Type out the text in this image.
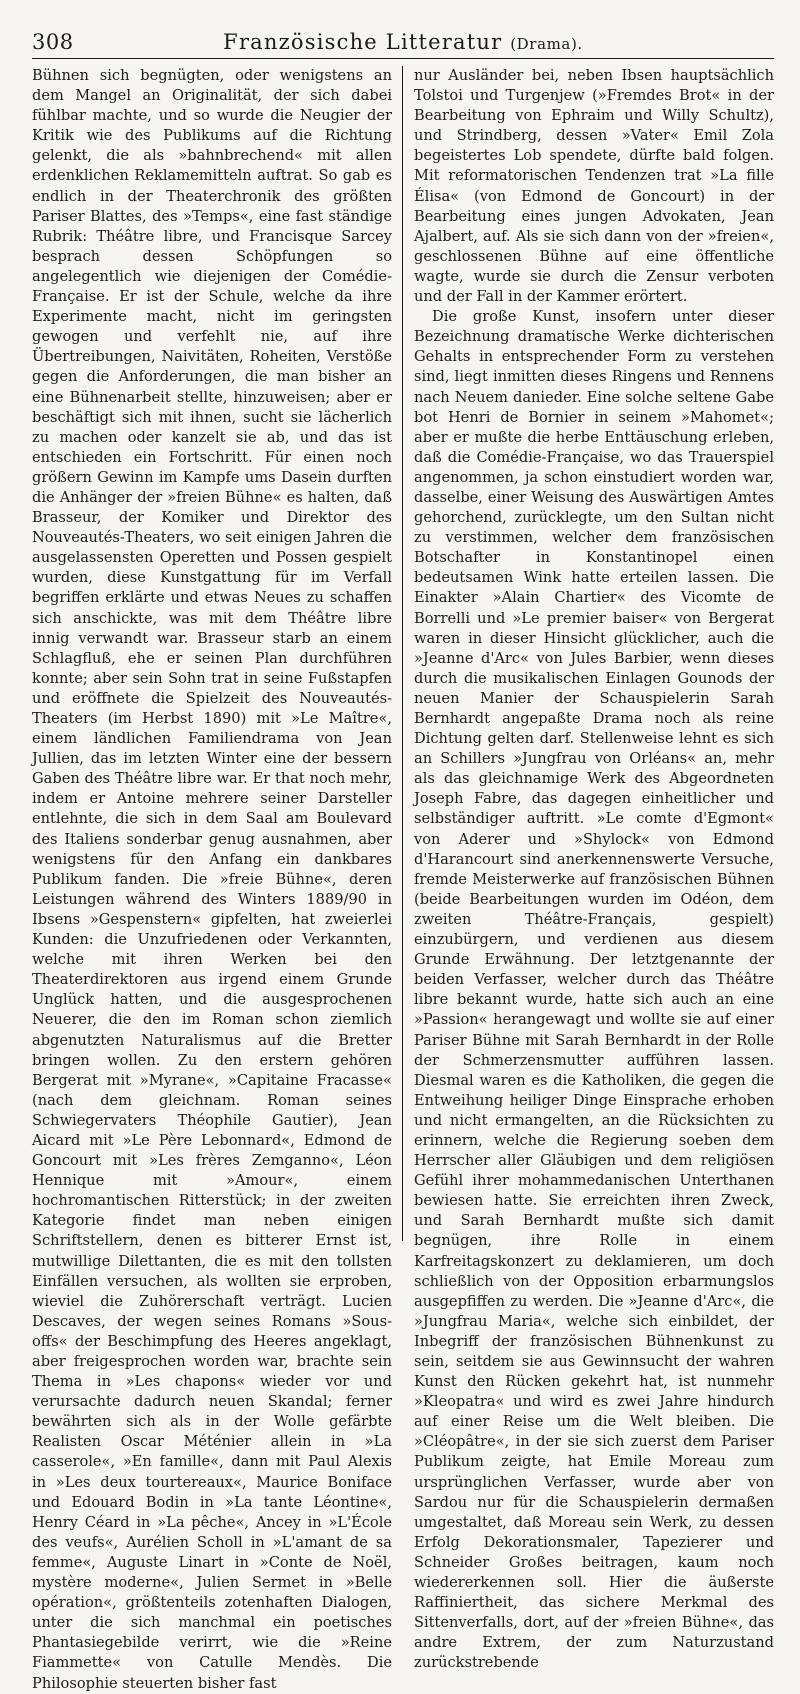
308	Französische Litteratur (Drama).

Bühnen sich begnügten, oder wenigstens an dem Mangel an Originalität, der sich dabei fühlbar machte, und so wurde die Neugier der Kritik wie des Publikums auf die Richtung gelenkt, die als »bahnbrechend« mit allen erdenklichen Reklamemitteln auftrat. So gab es endlich in der Theaterchronik des größten Pariser Blattes, des »Temps«, eine fast ständige Rubrik: Théâtre libre, und Francisque Sarcey besprach dessen Schöpfungen so angelegentlich wie diejenigen der Comédie-Française. Er ist der Schule, welche da ihre Experimente macht, nicht im geringsten gewogen und verfehlt nie, auf ihre Übertreibungen, Naivitäten, Roheiten, Verstöße gegen die Anforderungen, die man bisher an eine Bühnenarbeit stellte, hinzuweisen; aber er beschäftigt sich mit ihnen, sucht sie lächerlich zu machen oder kanzelt sie ab, und das ist entschieden ein Fortschritt. Für einen noch größern Gewinn im Kampfe ums Dasein durften die Anhänger der »freien Bühne« es halten, daß Brasseur, der Komiker und Direktor des Nouveautés-Theaters, wo seit einigen Jahren die ausgelassensten Operetten und Possen gespielt wurden, diese Kunstgattung für im Verfall begriffen erklärte und etwas Neues zu schaffen sich anschickte, was mit dem Théâtre libre innig verwandt war. Brasseur starb an einem Schlagfluß, ehe er seinen Plan durchführen konnte; aber sein Sohn trat in seine Fußstapfen und eröffnete die Spielzeit des Nouveautés-Theaters (im Herbst 1890) mit »Le Maître«, einem ländlichen Familiendrama von Jean Jullien, das im letzten Winter eine der bessern Gaben des Théâtre libre war. Er that noch mehr, indem er Antoine mehrere seiner Darsteller entlehnte, die sich in dem Saal am Boulevard des Italiens sonderbar genug ausnahmen, aber wenigstens für den Anfang ein dankbares Publikum fanden. Die »freie Bühne«, deren Leistungen während des Winters 1889/90 in Ibsens »Gespenstern« gipfelten, hat zweierlei Kunden: die Unzufriedenen oder Verkannten, welche mit ihren Werken bei den Theaterdirektoren aus irgend einem Grunde Unglück hatten, und die ausgesprochenen Neuerer, die den im Roman schon ziemlich abgenutzten Naturalismus auf die Bretter bringen wollen. Zu den erstern gehören Bergerat mit »Myrane«, »Capitaine Fracasse« (nach dem gleichnam. Roman seines Schwiegervaters Théophile Gautier), Jean Aicard mit »Le Père Lebonnard«, Edmond de Goncourt mit »Les frères Zemganno«, Léon Hennique mit »Amour«, einem hochromantischen Ritterstück; in der zweiten Kategorie findet man neben einigen Schriftstellern, denen es bitterer Ernst ist, mutwillige Dilettanten, die es mit den tollsten Einfällen versuchen, als wollten sie erproben, wieviel die Zuhörerschaft verträgt. Lucien Descaves, der wegen seines Romans »Sous-offs« der Beschimpfung des Heeres angeklagt, aber freigesprochen worden war, brachte sein Thema in »Les chapons« wieder vor und verursachte dadurch neuen Skandal; ferner bewährten sich als in der Wolle gefärbte Realisten Oscar Méténier allein in »La casserole«, »En famille«, dann mit Paul Alexis in »Les deux tourtereaux«, Maurice Boniface und Edouard Bodin in »La tante Léontine«, Henry Céard in »La pêche«, Ancey in »L'École des veufs«, Aurélien Scholl in »L'amant de sa femme«, Auguste Linart in »Conte de Noël, mystère moderne«, Julien Sermet in »Belle opération«, größtenteils zotenhaften Dialogen, unter die sich manchmal ein poetisches Phantasiegebilde verirrt, wie die »Reine Fiammette« von Catulle Mendès. Die Philosophie steuerten bisher fast

nur Ausländer bei, neben Ibsen hauptsächlich Tolstoi und Turgenjew (»Fremdes Brot« in der Bearbeitung von Ephraim und Willy Schultz), und Strindberg, dessen »Vater« Emil Zola begeistertes Lob spendete, dürfte bald folgen. Mit reformatorischen Tendenzen trat »La fille Élisa« (von Edmond de Goncourt) in der Bearbeitung eines jungen Advokaten, Jean Ajalbert, auf. Als sie sich dann von der »freien«, geschlossenen Bühne auf eine öffentliche wagte, wurde sie durch die Zensur verboten und der Fall in der Kammer erörtert.

Die große Kunst, insofern unter dieser Bezeichnung dramatische Werke dichterischen Gehalts in entsprechender Form zu verstehen sind, liegt inmitten dieses Ringens und Rennens nach Neuem danieder. Eine solche seltene Gabe bot Henri de Bornier in seinem »Mahomet«; aber er mußte die herbe Enttäuschung erleben, daß die Comédie-Française, wo das Trauerspiel angenommen, ja schon einstudiert worden war, dasselbe, einer Weisung des Auswärtigen Amtes gehorchend, zurücklegte, um den Sultan nicht zu verstimmen, welcher dem französischen Botschafter in Konstantinopel einen bedeutsamen Wink hatte erteilen lassen. Die Einakter »Alain Chartier« des Vicomte de Borrelli und »Le premier baiser« von Bergerat waren in dieser Hinsicht glücklicher, auch die »Jeanne d'Arc« von Jules Barbier, wenn dieses durch die musikalischen Einlagen Gounods der neuen Manier der Schauspielerin Sarah Bernhardt angepaßte Drama noch als reine Dichtung gelten darf. Stellenweise lehnt es sich an Schillers »Jungfrau von Orléans« an, mehr als das gleichnamige Werk des Abgeordneten Joseph Fabre, das dagegen einheitlicher und selbständiger auftritt. »Le comte d'Egmont« von Aderer und »Shylock« von Edmond d'Harancourt sind anerkennenswerte Versuche, fremde Meisterwerke auf französischen Bühnen (beide Bearbeitungen wurden im Odéon, dem zweiten Théâtre-Français, gespielt) einzubürgern, und verdienen aus diesem Grunde Erwähnung. Der letztgenannte der beiden Verfasser, welcher durch das Théâtre libre bekannt wurde, hatte sich auch an eine »Passion« herangewagt und wollte sie auf einer Pariser Bühne mit Sarah Bernhardt in der Rolle der Schmerzensmutter aufführen lassen. Diesmal waren es die Katholiken, die gegen die Entweihung heiliger Dinge Einsprache erhoben und nicht ermangelten, an die Rücksichten zu erinnern, welche die Regierung soeben dem Herrscher aller Gläubigen und dem religiösen Gefühl ihrer mohammedanischen Unterthanen bewiesen hatte. Sie erreichten ihren Zweck, und Sarah Bernhardt mußte sich damit begnügen, ihre Rolle in einem Karfreitagskonzert zu deklamieren, um doch schließlich von der Opposition erbarmungslos ausgepfiffen zu werden. Die »Jeanne d'Arc«, die »Jungfrau Maria«, welche sich einbildet, der Inbegriff der französischen Bühnenkunst zu sein, seitdem sie aus Gewinnsucht der wahren Kunst den Rücken gekehrt hat, ist nunmehr »Kleopatra« und wird es zwei Jahre hindurch auf einer Reise um die Welt bleiben. Die »Cléopâtre«, in der sie sich zuerst dem Pariser Publikum zeigte, hat Emile Moreau zum ursprünglichen Verfasser, wurde aber von Sardou nur für die Schauspielerin dermaßen umgestaltet, daß Moreau sein Werk, zu dessen Erfolg Dekorationsmaler, Tapezierer und Schneider Großes beitragen, kaum noch wiedererkennen soll. Hier die äußerste Raffiniertheit, das sichere Merkmal des Sittenverfalls, dort, auf der »freien Bühne«, das andre Extrem, der zum Naturzustand zurückstrebende
